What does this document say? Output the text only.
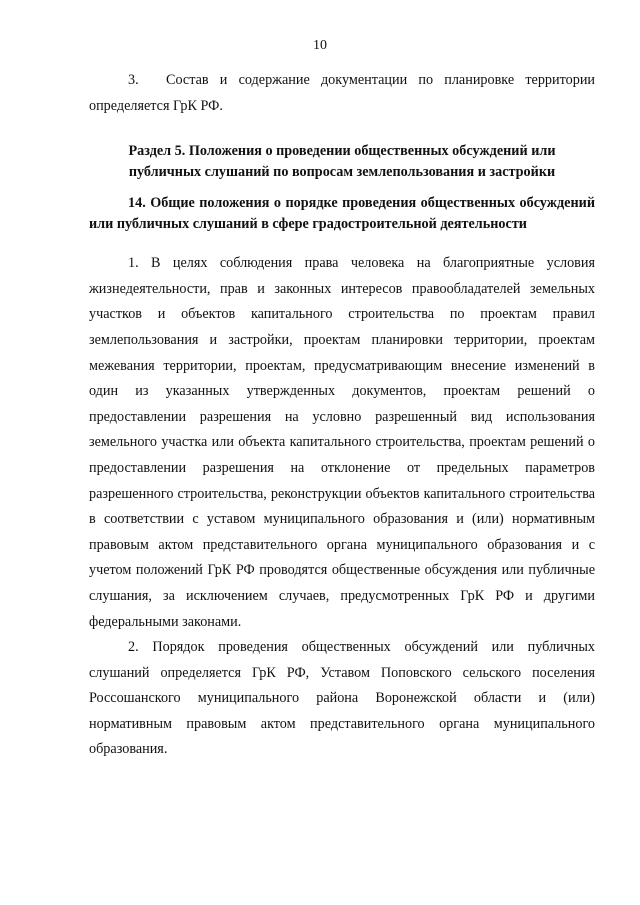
10

3. Состав и содержание документации по планировке территории определяется ГрК РФ.

Раздел 5. Положения о проведении общественных обсуждений или
публичных слушаний по вопросам землепользования и застройки

14. Общие положения о порядке проведения общественных обсуждений или публичных слушаний в сфере градостроительной деятельности

1. В целях соблюдения права человека на благоприятные условия жизнедеятельности, прав и законных интересов правообладателей земельных участков и объектов капитального строительства по проектам правил землепользования и застройки, проектам планировки территории, проектам межевания территории, проектам, предусматривающим внесение изменений в один из указанных утвержденных документов, проектам решений о предоставлении разрешения на условно разрешенный вид использования земельного участка или объекта капитального строительства, проектам решений о предоставлении разрешения на отклонение от предельных параметров разрешенного строительства, реконструкции объектов капитального строительства в соответствии с уставом муниципального образования и (или) нормативным правовым актом представительного органа муниципального образования и с учетом положений ГрК РФ проводятся общественные обсуждения или публичные слушания, за исключением случаев, предусмотренных ГрК РФ и другими федеральными законами.

2. Порядок проведения общественных обсуждений или публичных слушаний определяется ГрК РФ, Уставом Поповского сельского поселения Россошанского муниципального района Воронежской области и (или) нормативным правовым актом представительного органа муниципального образования.
